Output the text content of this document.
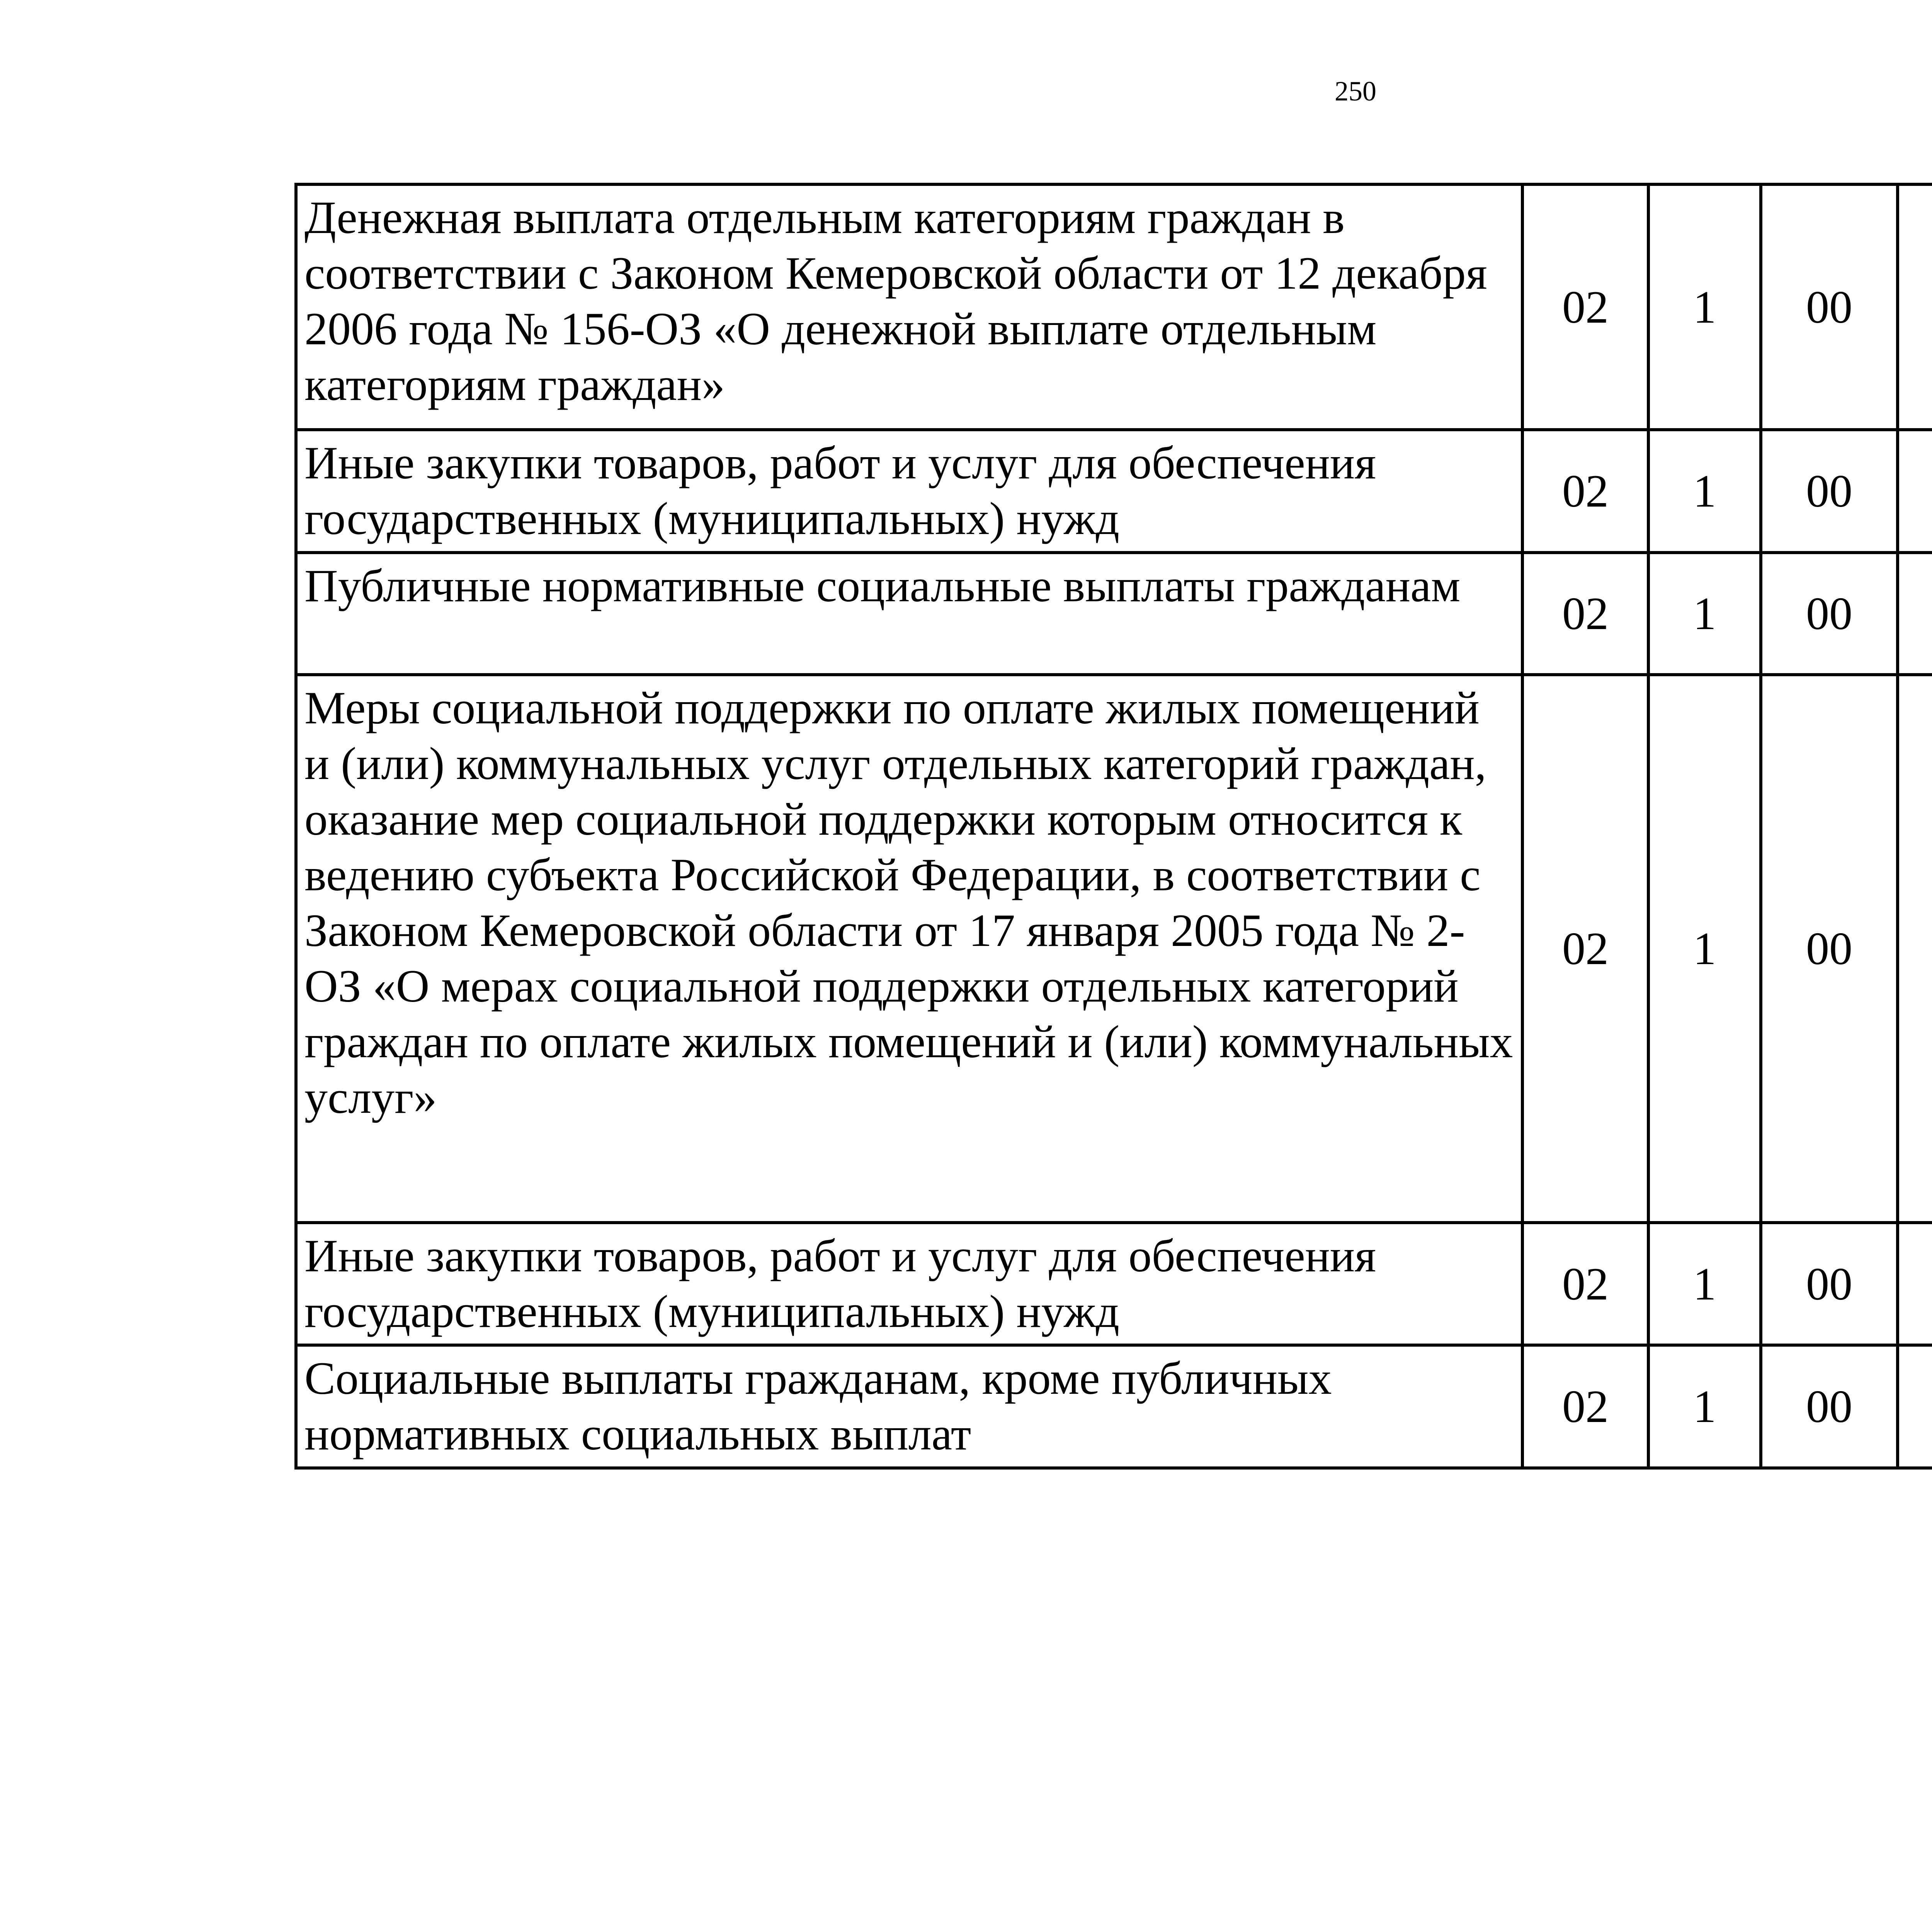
250
Денежная выплата отдельным категориям граждан в соответствии с Законом Кемеровской области от 12 декабря 2006 года № 156-ОЗ «О денежной выплате отдельным категориям граждан»	02	1	00			
Иные закупки товаров, работ и услуг для обеспечения государственных (муниципальных) нужд	02	1	00			
Публичные нормативные социальные выплаты гражданам	02	1	00			
Меры социальной поддержки по оплате жилых помещений и (или) коммунальных услуг отдельных категорий граждан, оказание мер социальной поддержки которым относится к ведению субъекта Российской Федерации, в соответствии с Законом Кемеровской области от 17 января 2005 года № 2-ОЗ «О мерах социальной поддержки отдельных категорий граждан по оплате жилых помещений и (или) коммунальных услуг»	02	1	00			
Иные закупки товаров, работ и услуг для обеспечения государственных (муниципальных) нужд	02	1	00			
Социальные выплаты гражданам, кроме публичных нормативных социальных выплат	02	1	00			
